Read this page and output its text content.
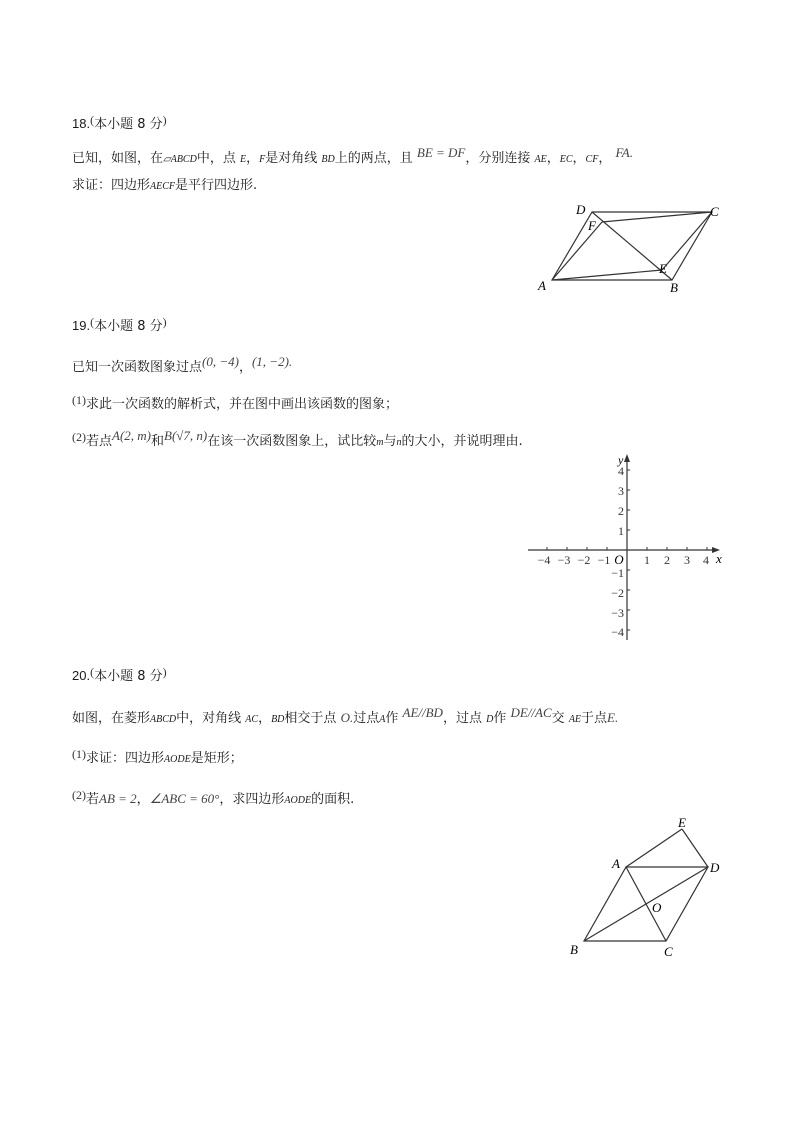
18.(本小题 8 分)
已知，如图，在▱ABCD中，点 E，F是对角线 BD上的两点，且 BE = DF，分别连接 AE，EC，CF， FA.
求证：四边形AECF是平行四边形.
A	B
C
D
F
E
19.(本小题 8 分)
已知一次函数图象过点(0, −4)，(1, −2).
(1)求此一次函数的解析式，并在图中画出该函数的图象；
(2)若点A(2, m)和B(√7, n)在该一次函数图象上，试比较m与n的大小，并说明理由.
−4 −3 −2 −1	1 2 3 4
O	x
y
4
3
2
1
−1
−2
−3
−4
20.(本小题 8 分)
如图，在菱形ABCD中，对角线 AC，BD相交于点 O.过点A作 AE//BD，过点 D作 DE//AC交 AE于点E.
(1)求证：四边形AODE是矩形；
(2)若AB = 2，∠ABC = 60°，求四边形AODE的面积.
B	C
D
A
E
O
